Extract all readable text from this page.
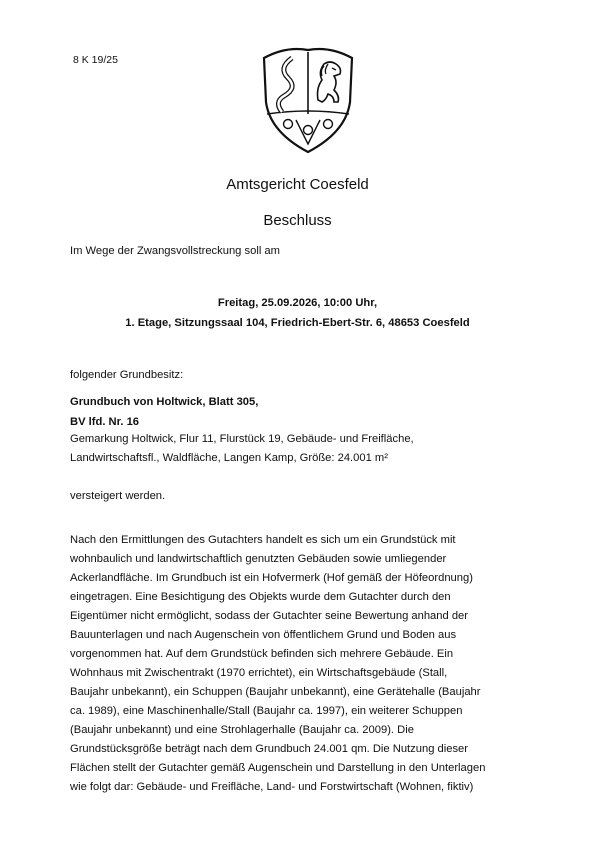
8 K 19/25
Amtsgericht Coesfeld
Beschluss
Im Wege der Zwangsvollstreckung soll am
Freitag, 25.09.2026, 10:00 Uhr,
1. Etage, Sitzungssaal 104, Friedrich-Ebert-Str. 6, 48653 Coesfeld
folgender Grundbesitz:
Grundbuch von Holtwick, Blatt 305,
BV lfd. Nr. 16
Gemarkung Holtwick, Flur 11, Flurstück 19, Gebäude- und Freifläche,
Landwirtschaftsfl., Waldfläche, Langen Kamp, Größe: 24.001 m²
versteigert werden.
Nach den Ermittlungen des Gutachters handelt es sich um ein Grundstück mit
wohnbaulich und landwirtschaftlich genutzten Gebäuden sowie umliegender
Ackerlandfläche. Im Grundbuch ist ein Hofvermerk (Hof gemäß der Höfeordnung)
eingetragen. Eine Besichtigung des Objekts wurde dem Gutachter durch den
Eigentümer nicht ermöglicht, sodass der Gutachter seine Bewertung anhand der
Bauunterlagen und nach Augenschein von öffentlichem Grund und Boden aus
vorgenommen hat. Auf dem Grundstück befinden sich mehrere Gebäude. Ein
Wohnhaus mit Zwischentrakt (1970 errichtet), ein Wirtschaftsgebäude (Stall,
Baujahr unbekannt), ein Schuppen (Baujahr unbekannt), eine Gerätehalle (Baujahr
ca. 1989), eine Maschinenhalle/Stall (Baujahr ca. 1997), ein weiterer Schuppen
(Baujahr unbekannt) und eine Strohlagerhalle (Baujahr ca. 2009). Die
Grundstücksgröße beträgt nach dem Grundbuch 24.001 qm. Die Nutzung dieser
Flächen stellt der Gutachter gemäß Augenschein und Darstellung in den Unterlagen
wie folgt dar: Gebäude- und Freifläche, Land- und Forstwirtschaft (Wohnen, fiktiv)
